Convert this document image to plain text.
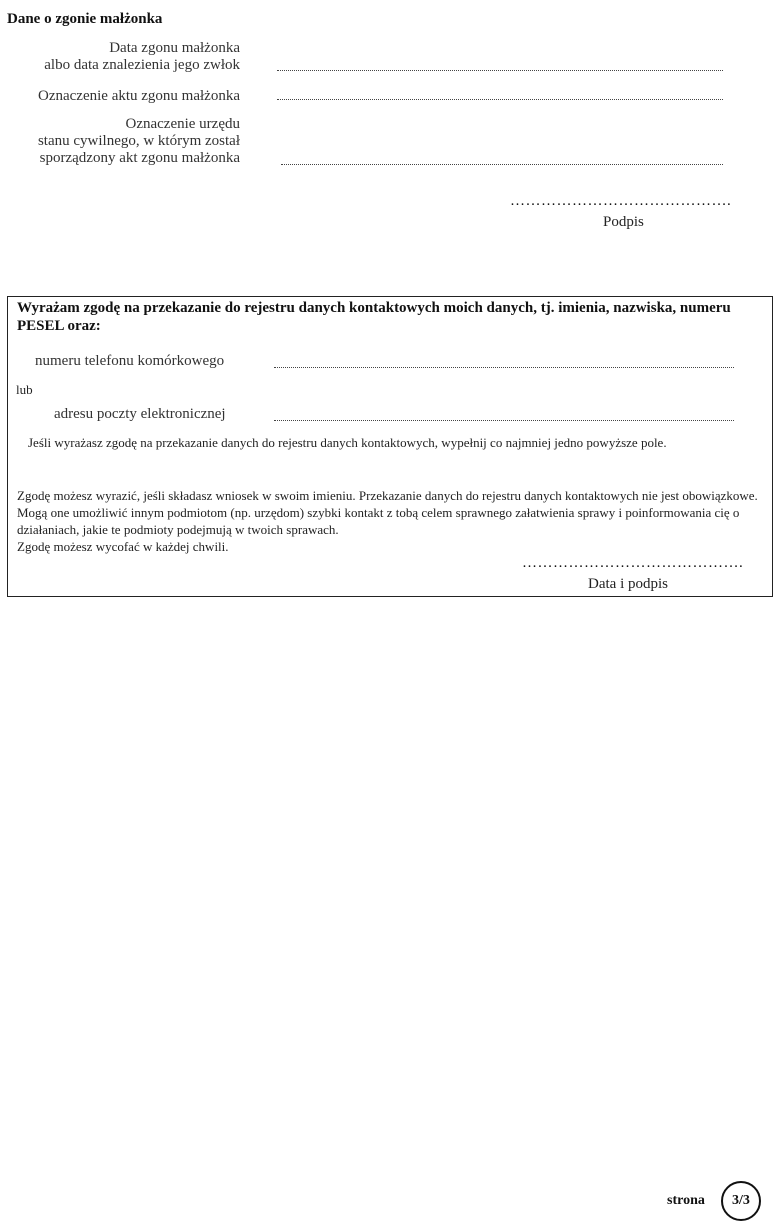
Dane o zgonie małżonka
Data zgonu małżonka
albo data znalezienia jego zwłok
Oznaczenie aktu zgonu małżonka
Oznaczenie urzędu
stanu cywilnego, w którym został
sporządzony akt zgonu małżonka
…………………………………….
Podpis
Wyrażam zgodę na przekazanie do rejestru danych kontaktowych moich danych, tj. imienia, nazwiska, numeru PESEL oraz:
numeru telefonu komórkowego
lub
adresu poczty elektronicznej
Jeśli wyrażasz zgodę na przekazanie danych do rejestru danych kontaktowych, wypełnij co najmniej jedno powyższe pole.
Zgodę możesz wyrazić, jeśli składasz wniosek w swoim imieniu. Przekazanie danych do rejestru danych kontaktowych nie jest obowiązkowe. Mogą one umożliwić innym podmiotom (np. urzędom) szybki kontakt z tobą celem sprawnego załatwienia sprawy i poinformowania cię o działaniach, jakie te podmioty podejmują w twoich sprawach.
Zgodę możesz wycofać w każdej chwili.
…………………………………….
Data i podpis
strona 3/3
